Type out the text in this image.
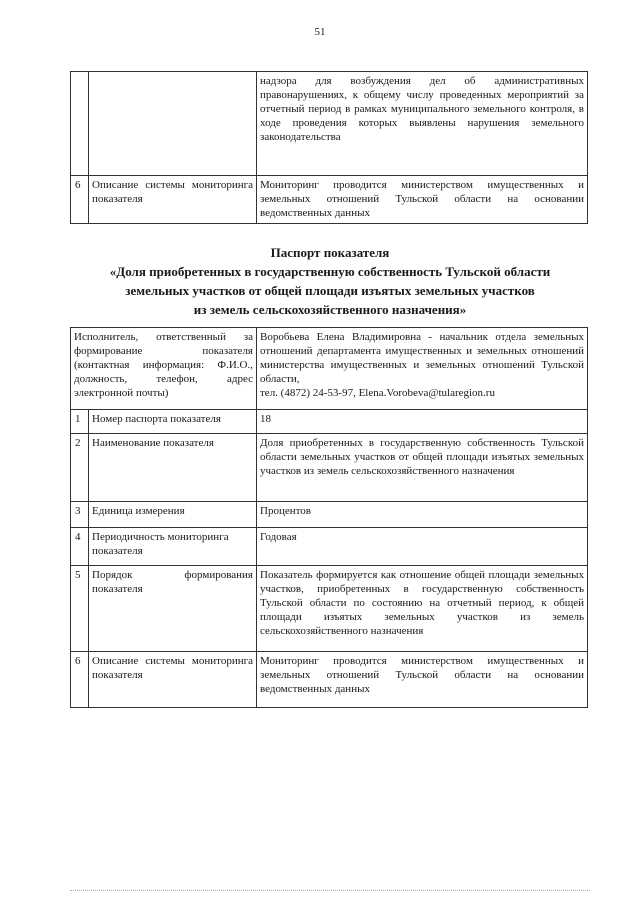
51
		надзора для возбуждения дел об административных правонарушениях, к общему числу проведенных мероприятий за отчетный период в рамках муниципального земельного контроля, в ходе проведения которых выявлены нарушения земельного законодательства
6	Описание системы мониторинга показателя	Мониторинг проводится министерством имущественных и земельных отношений Тульской области на основании ведомственных данных
Паспорт показателя
«Доля приобретенных в государственную собственность Тульской области
земельных участков от общей площади изъятых земельных участков
из земель сельскохозяйственного назначения»
Исполнитель, ответственный за формирование показателя (контактная информация: Ф.И.О., должность, телефон, адрес электронной почты)		Воробьева Елена Владимировна - начальник отдела земельных отношений департамента имущественных и земельных отношений министерства имущественных и земельных отношений Тульской области,
тел. (4872) 24-53-97, Elena.Vorobeva@tularegion.ru
1	Номер паспорта показателя	18
2	Наименование показателя	Доля приобретенных в государственную собственность Тульской области земельных участков от общей площади изъятых земельных участков из земель сельскохозяйственного назначения
3	Единица измерения	Процентов
4	Периодичность мониторинга показателя	Годовая
5	Порядок формирования показателя	Показатель формируется как отношение общей площади земельных участков, приобретенных в государственную собственность Тульской области по состоянию на отчетный период, к общей площади изъятых земельных участков из земель сельскохозяйственного назначения
6	Описание системы мониторинга показателя	Мониторинг проводится министерством имущественных и земельных отношений Тульской области на основании ведомственных данных
